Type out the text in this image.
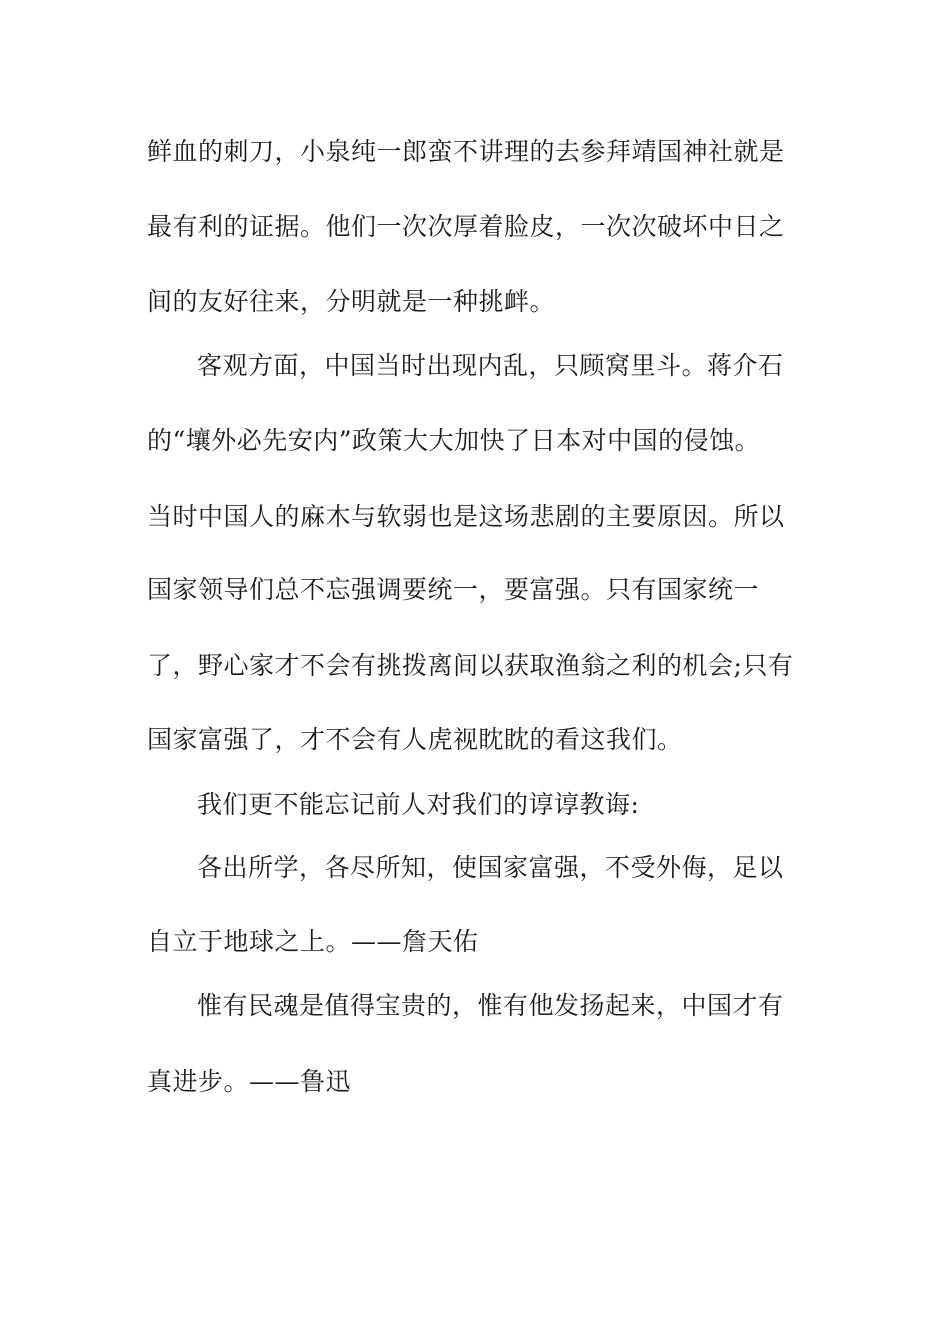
鲜血的刺刀，小泉纯一郎蛮不讲理的去参拜靖国神社就是
最有利的证据。他们一次次厚着脸皮，一次次破坏中日之
间的友好往来，分明就是一种挑衅。
客观方面，中国当时出现内乱，只顾窝里斗。蒋介石
的“壤外必先安内”政策大大加快了日本对中国的侵蚀。
当时中国人的麻木与软弱也是这场悲剧的主要原因。所以
国家领导们总不忘强调要统一，要富强。只有国家统一
了，野心家才不会有挑拨离间以获取渔翁之利的机会;只有
国家富强了，才不会有人虎视眈眈的看这我们。
我们更不能忘记前人对我们的谆谆教诲:
各出所学，各尽所知，使国家富强，不受外侮，足以
自立于地球之上。——詹天佑
惟有民魂是值得宝贵的，惟有他发扬起来，中国才有
真进步。——鲁迅
